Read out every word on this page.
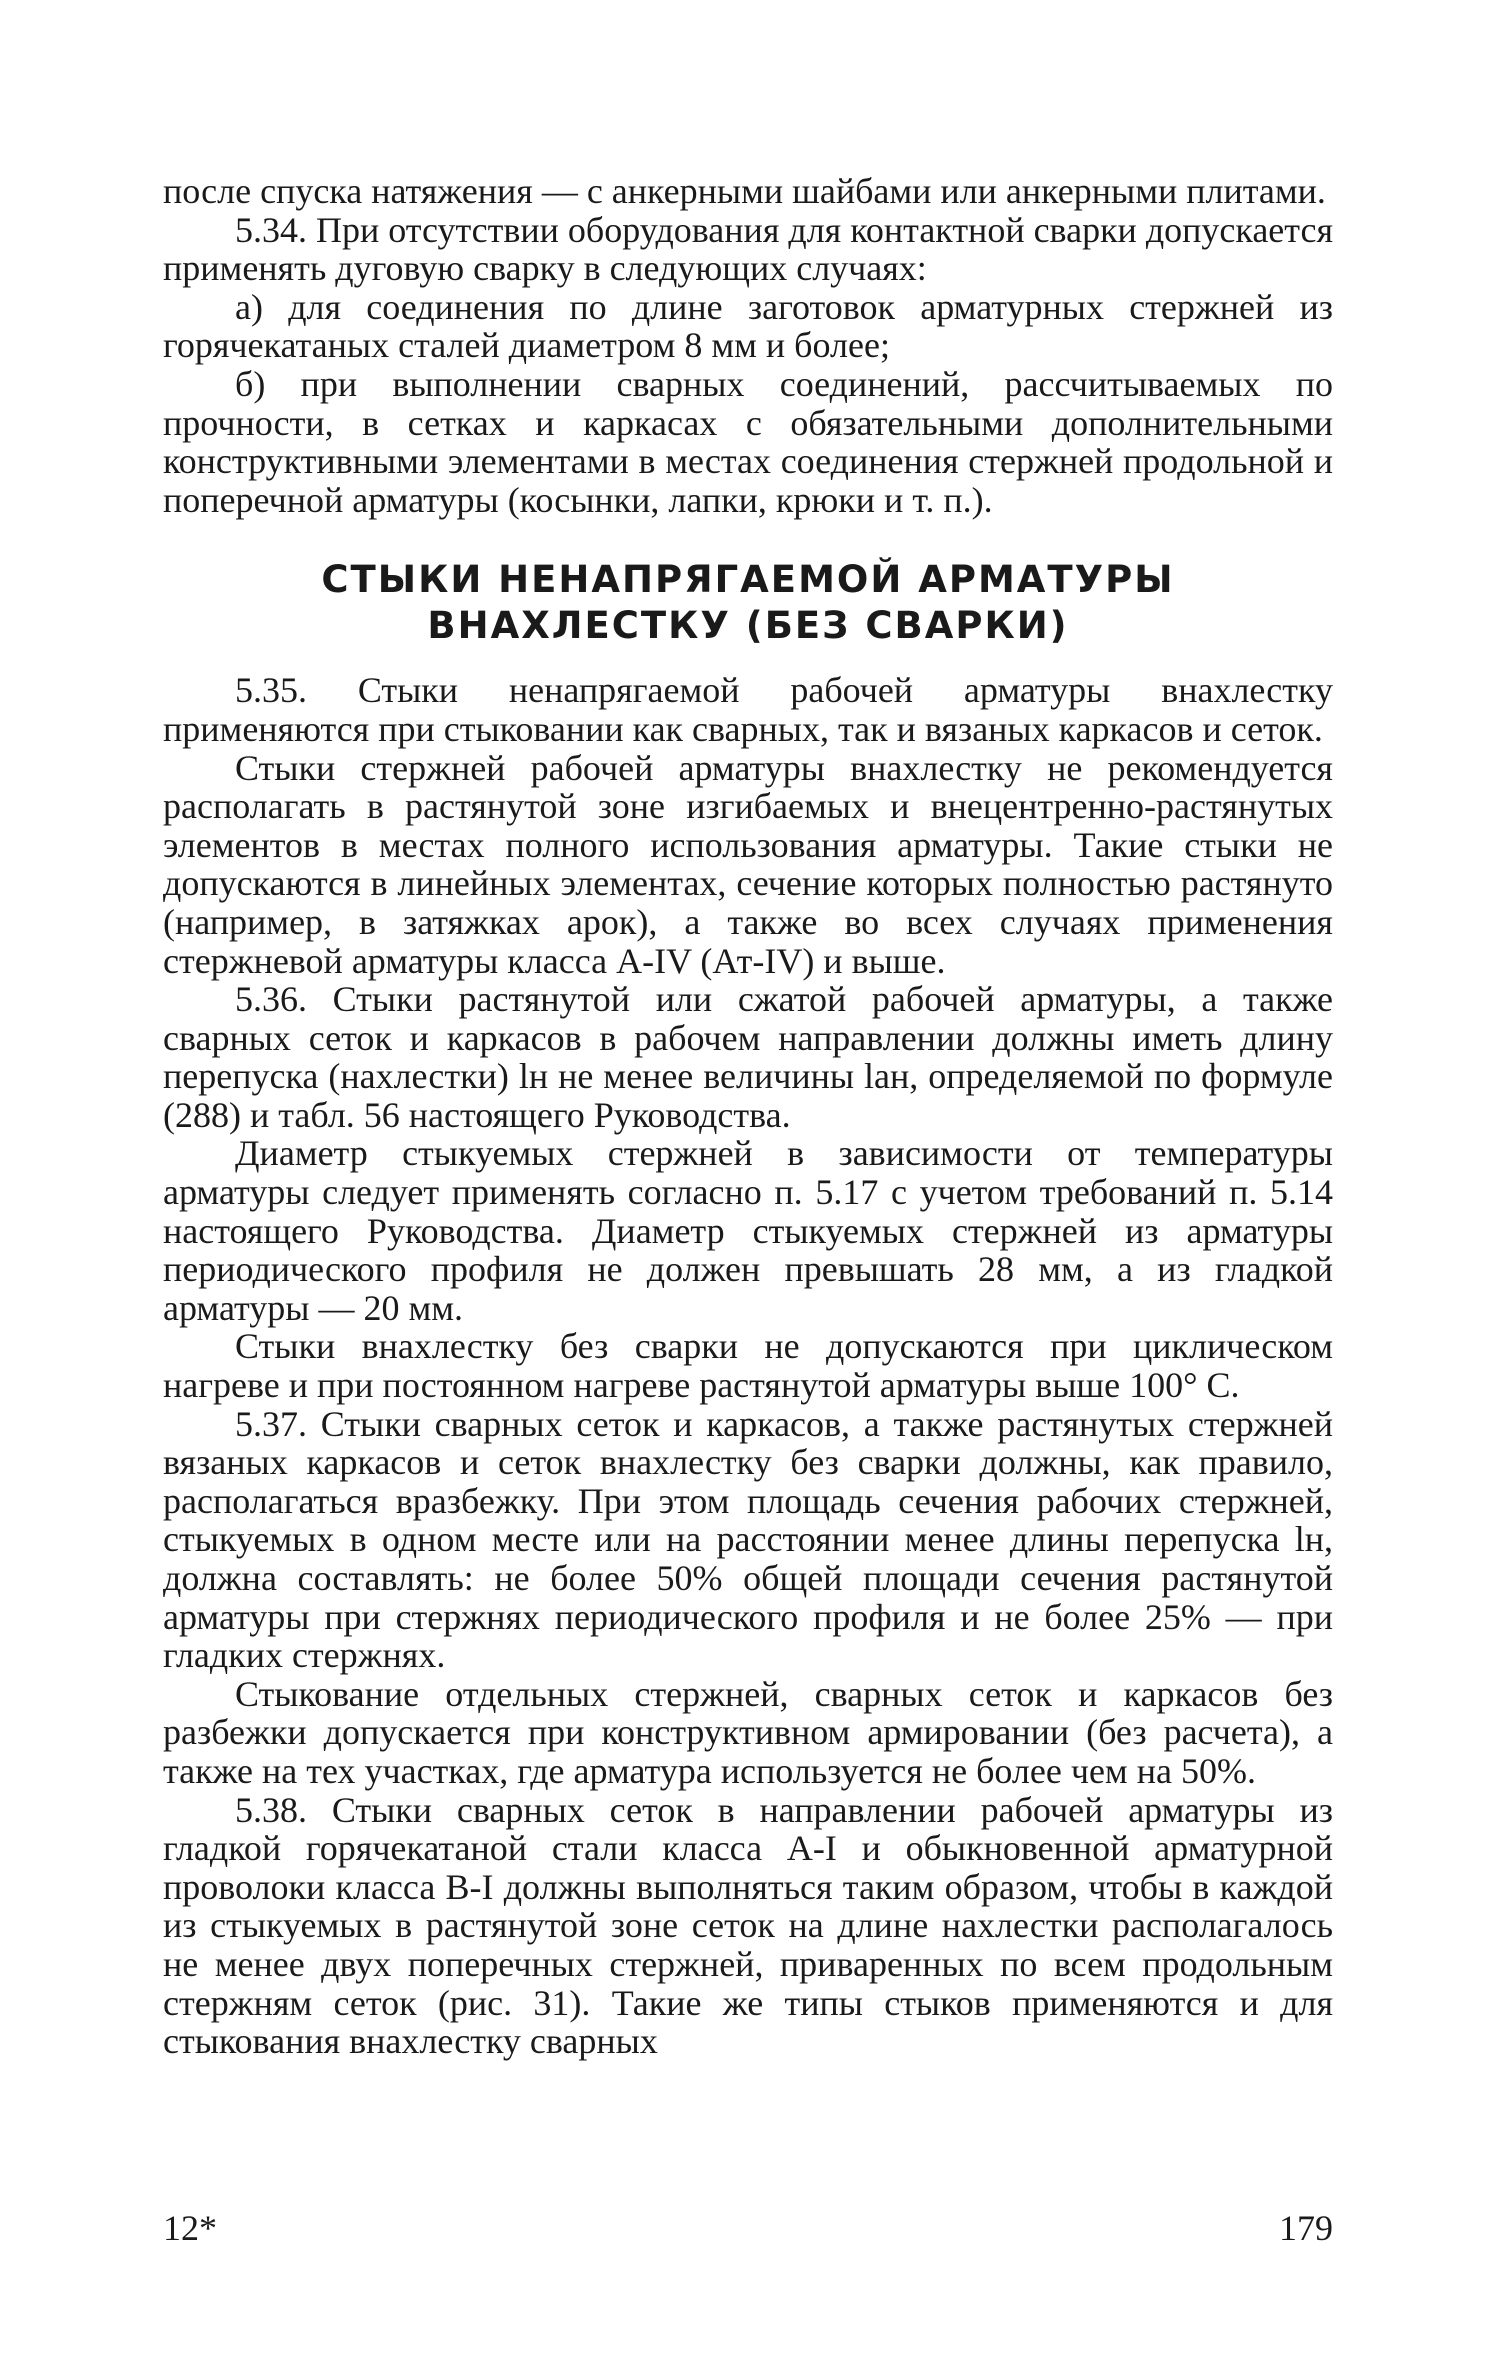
после спуска натяжения — с анкерными шайбами или анкерными плитами.

5.34. При отсутствии оборудования для контактной сварки допускается применять дуговую сварку в следующих случаях:

а) для соединения по длине заготовок арматурных стержней из горячекатаных сталей диаметром 8 мм и более;

б) при выполнении сварных соединений, рассчитываемых по прочности, в сетках и каркасах с обязательными дополнительными конструктивными элементами в местах соединения стержней продольной и поперечной арматуры (косынки, лапки, крюки и т. п.).

СТЫКИ НЕНАПРЯГАЕМОЙ АРМАТУРЫ
ВНАХЛЕСТКУ (БЕЗ СВАРКИ)

5.35. Стыки ненапрягаемой рабочей арматуры внахлестку применяются при стыковании как сварных, так и вязаных каркасов и сеток.

Стыки стержней рабочей арматуры внахлестку не рекомендуется располагать в растянутой зоне изгибаемых и внецентренно-растянутых элементов в местах полного использования арматуры. Такие стыки не допускаются в линейных элементах, сечение которых полностью растянуто (например, в затяжках арок), а также во всех случаях применения стержневой арматуры класса A-IV (Ат-IV) и выше.

5.36. Стыки растянутой или сжатой рабочей арматуры, а также сварных сеток и каркасов в рабочем направлении должны иметь длину перепуска (нахлестки) lн не менее величины lан, определяемой по формуле (288) и табл. 56 настоящего Руководства.

Диаметр стыкуемых стержней в зависимости от температуры арматуры следует применять согласно п. 5.17 с учетом требований п. 5.14 настоящего Руководства. Диаметр стыкуемых стержней из арматуры периодического профиля не должен превышать 28 мм, а из гладкой арматуры — 20 мм.

Стыки внахлестку без сварки не допускаются при циклическом нагреве и при постоянном нагреве растянутой арматуры выше 100° С.

5.37. Стыки сварных сеток и каркасов, а также растянутых стержней вязаных каркасов и сеток внахлестку без сварки должны, как правило, располагаться вразбежку. При этом площадь сечения рабочих стержней, стыкуемых в одном месте или на расстоянии менее длины перепуска lн, должна составлять: не более 50% общей площади сечения растянутой арматуры при стержнях периодического профиля и не более 25% — при гладких стержнях.

Стыкование отдельных стержней, сварных сеток и каркасов без разбежки допускается при конструктивном армировании (без расчета), а также на тех участках, где арматура используется не более чем на 50%.

5.38. Стыки сварных сеток в направлении рабочей арматуры из гладкой горячекатаной стали класса A-I и обыкновенной арматурной проволоки класса B-I должны выполняться таким образом, чтобы в каждой из стыкуемых в растянутой зоне сеток на длине нахлестки располагалось не менее двух поперечных стержней, приваренных по всем продольным стержням сеток (рис. 31). Такие же типы стыков применяются и для стыкования внахлестку сварных

12*	179
